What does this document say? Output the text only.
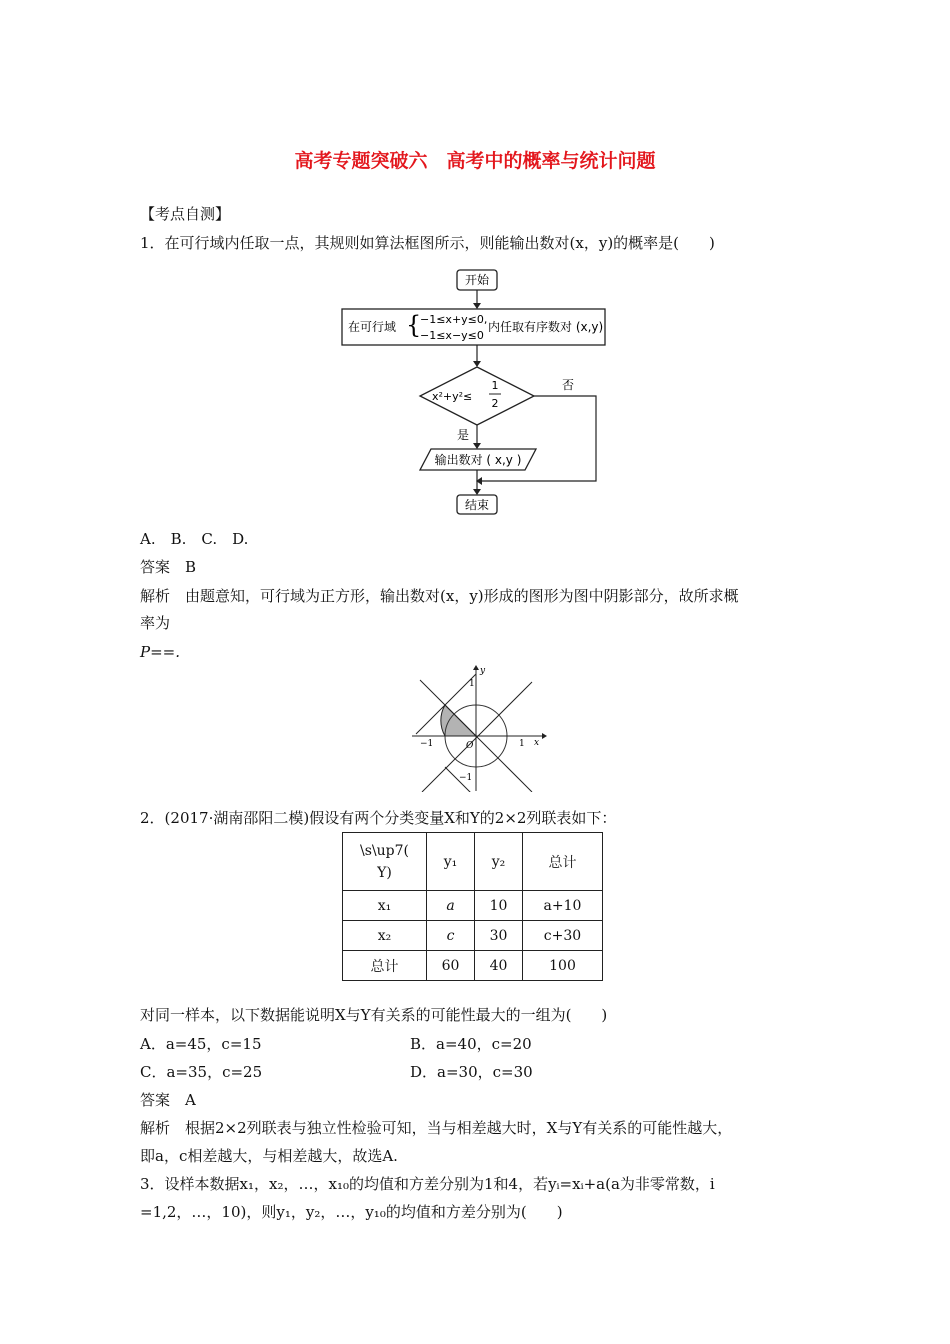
高考专题突破六　高考中的概率与统计问题
【考点自测】
1．在可行域内任取一点，其规则如算法框图所示，则能输出数对(x，y)的概率是(　　)
开始
在可行域 {
−1≤x+y≤0,
−1≤x−y≤0
内任取有序数对 (x,y)
x²+y²≤
1
2
否
是
输出数对 ( x,y )
结束
A.　B.　C.　D.
答案　B
解析　由题意知，可行域为正方形，输出数对(x，y)形成的图形为图中阴影部分，故所求概
率为
P==.
y
x
1
−1	1
O
−1
2．(2017·湖南邵阳二模)假设有两个分类变量X和Y的2×2列联表如下：
\s\up7(
Y)	y₁	y₂	总计
x₁	a	10	a+10
x₂	c	30	c+30
总计	60	40	100
对同一样本，以下数据能说明X与Y有关系的可能性最大的一组为(　　)
A．a=45，c=15	B．a=40，c=20
C．a=35，c=25	D．a=30，c=30
答案　A
解析　根据2×2列联表与独立性检验可知，当与相差越大时，X与Y有关系的可能性越大，
即a，c相差越大，与相差越大，故选A.
3．设样本数据x₁，x₂，…，x₁₀的均值和方差分别为1和4，若yᵢ=xᵢ+a(a为非零常数，i
=1,2，…，10)，则y₁，y₂，…，y₁₀的均值和方差分别为(　　)
